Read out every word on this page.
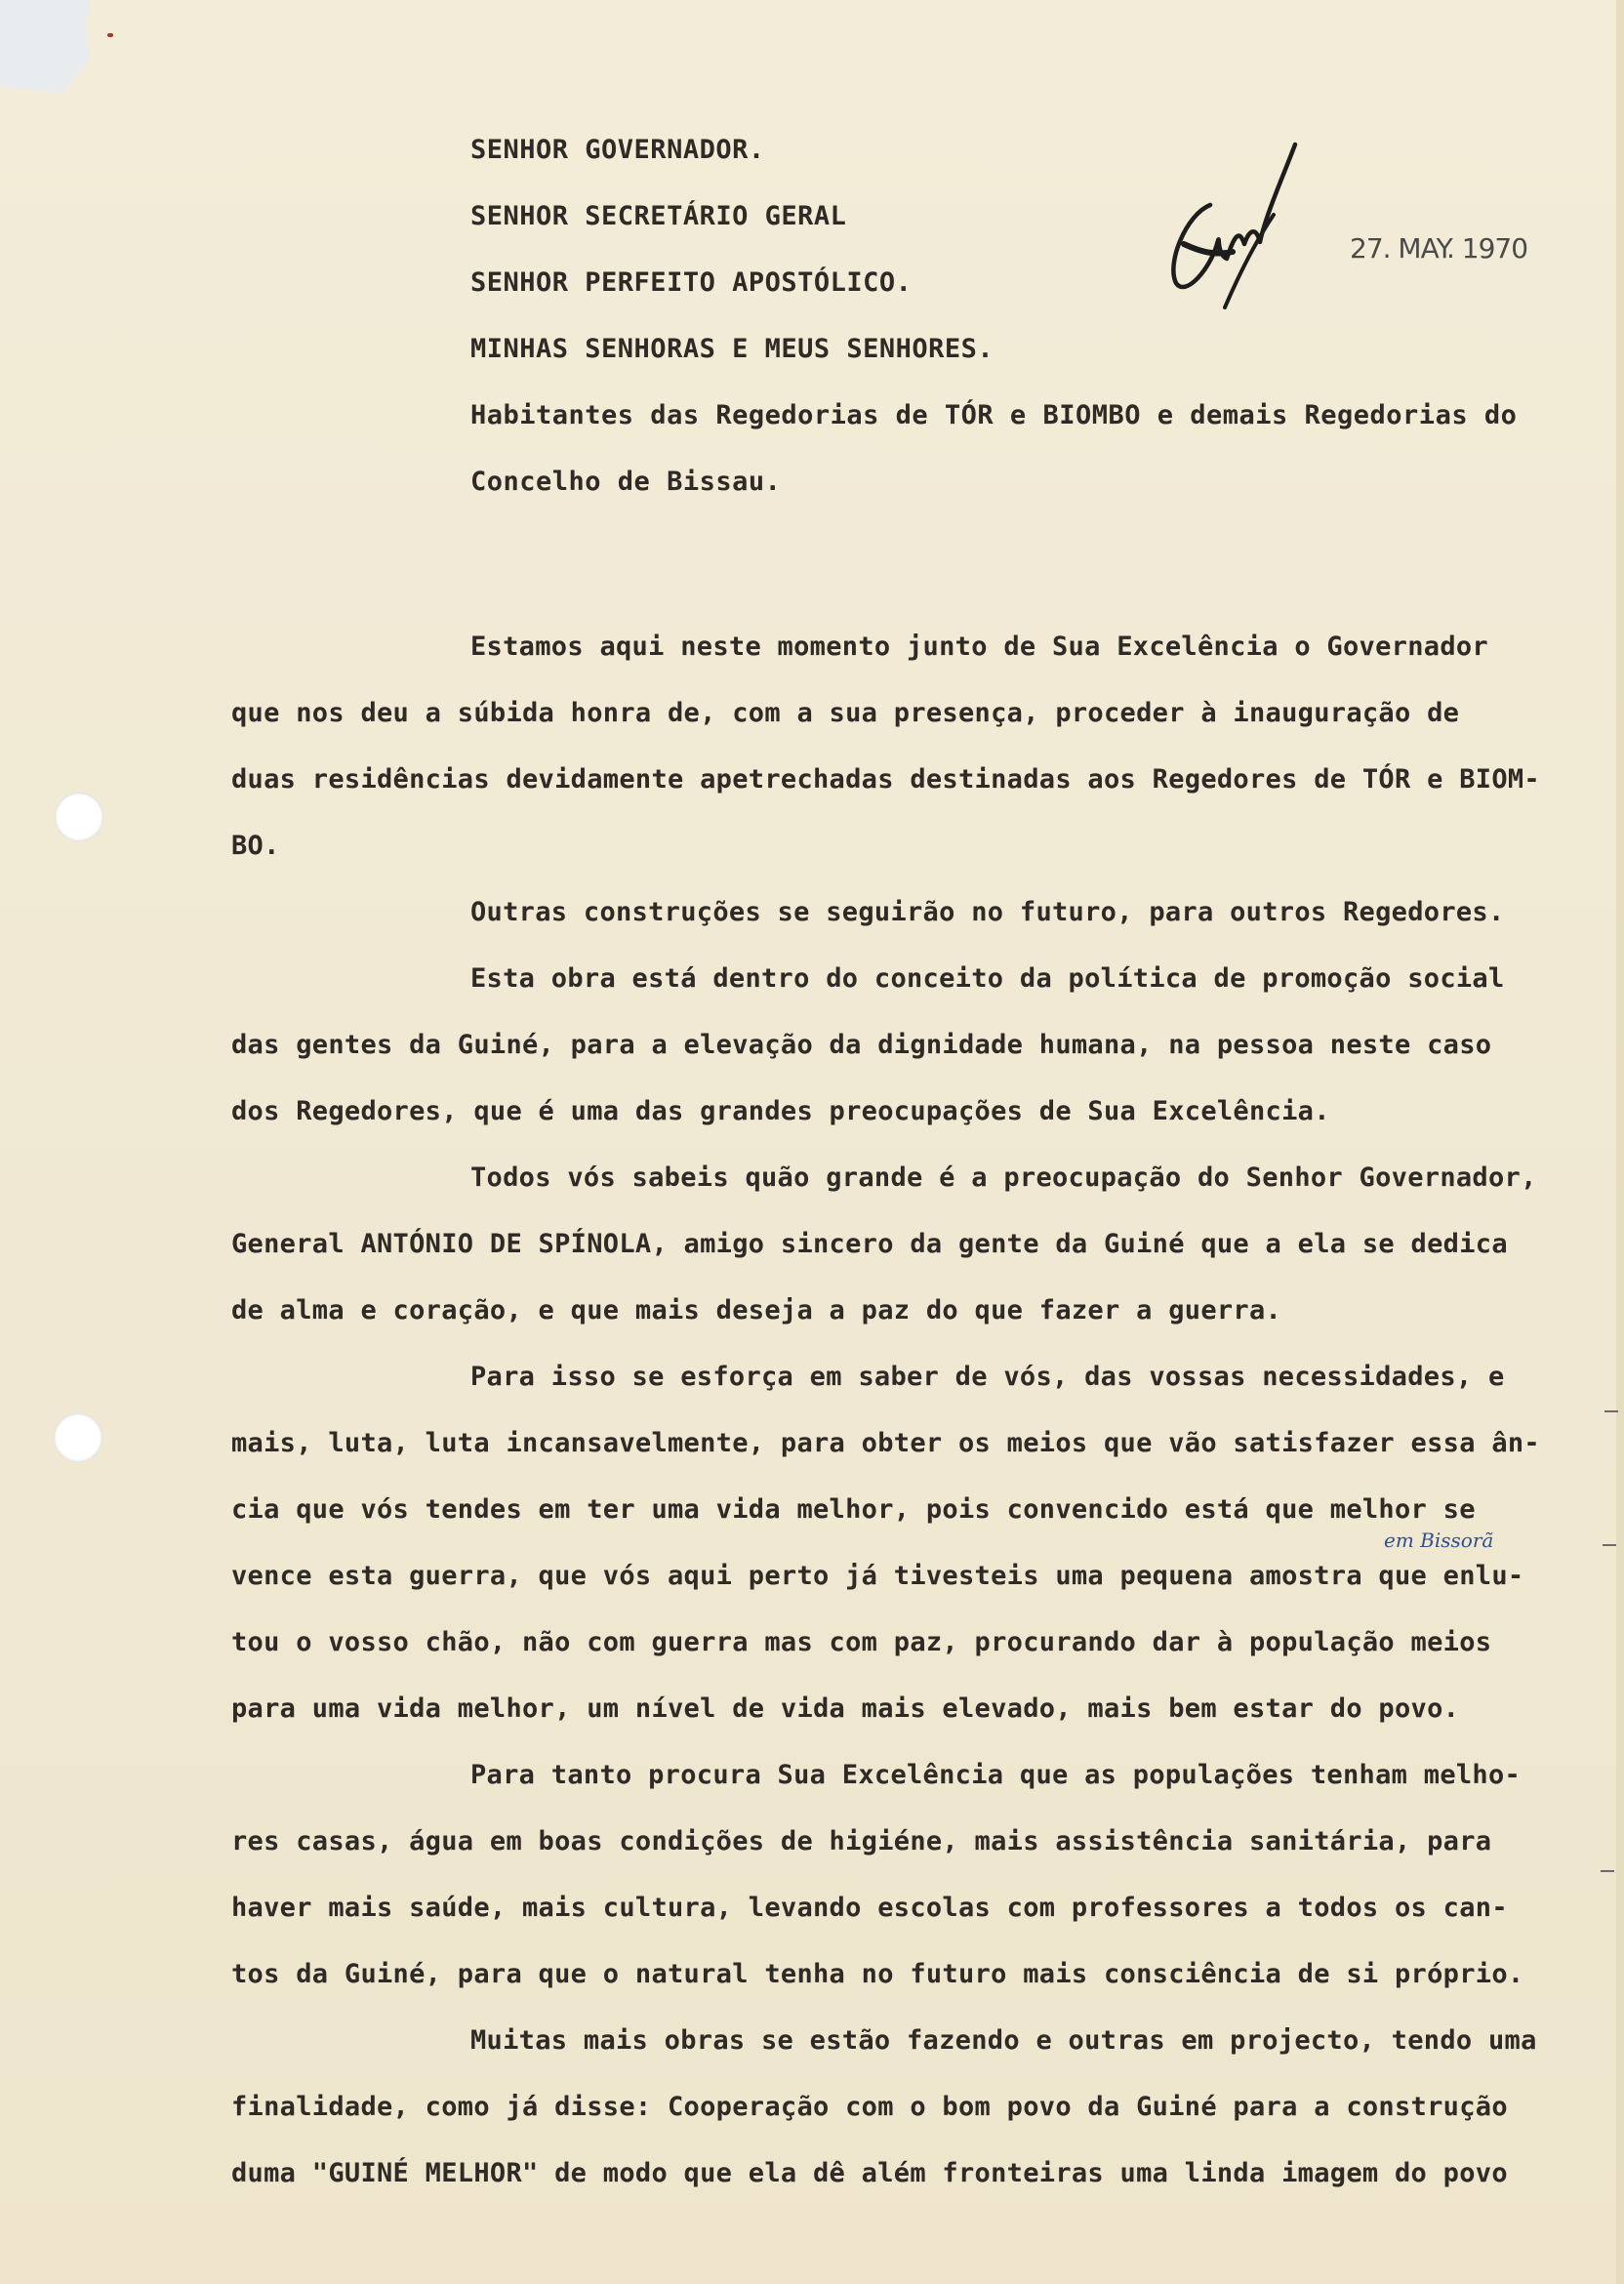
SENHOR GOVERNADOR.
SENHOR SECRETÁRIO GERAL
SENHOR PERFEITO APOSTÓLICO.
MINHAS SENHORAS E MEUS SENHORES.
Habitantes das Regedorias de TÓR e BIOMBO e demais Regedorias do
Concelho de Bissau.
27. MAY. 1970
Estamos aqui neste momento junto de Sua Excelência o Governador
que nos deu a súbida honra de, com a sua presença, proceder à inauguração de
duas residências devidamente apetrechadas destinadas aos Regedores de TÓR e BIOM-
BO.
Outras construções se seguirão no futuro, para outros Regedores.
Esta obra está dentro do conceito da política de promoção social
das gentes da Guiné, para a elevação da dignidade humana, na pessoa neste caso
dos Regedores, que é uma das grandes preocupações de Sua Excelência.
Todos vós sabeis quão grande é a preocupação do Senhor Governador,
General ANTÓNIO DE SPÍNOLA, amigo sincero da gente da Guiné que a ela se dedica
de alma e coração, e que mais deseja a paz do que fazer a guerra.
Para isso se esforça em saber de vós, das vossas necessidades, e
mais, luta, luta incansavelmente, para obter os meios que vão satisfazer essa ân-
cia que vós tendes em ter uma vida melhor, pois convencido está que melhor se
vence esta guerra, que vós aqui perto já tivesteis uma pequena amostra que enlu-
tou o vosso chão, não com guerra mas com paz, procurando dar à população meios
para uma vida melhor, um nível de vida mais elevado, mais bem estar do povo.
Para tanto procura Sua Excelência que as populações tenham melho-
res casas, água em boas condições de higiéne, mais assistência sanitária, para
haver mais saúde, mais cultura, levando escolas com professores a todos os can-
tos da Guiné, para que o natural tenha no futuro mais consciência de si próprio.
Muitas mais obras se estão fazendo e outras em projecto, tendo uma
finalidade, como já disse: Cooperação com o bom povo da Guiné para a construção
duma "GUINÉ MELHOR" de modo que ela dê além fronteiras uma linda imagem do povo
em Bissorã
